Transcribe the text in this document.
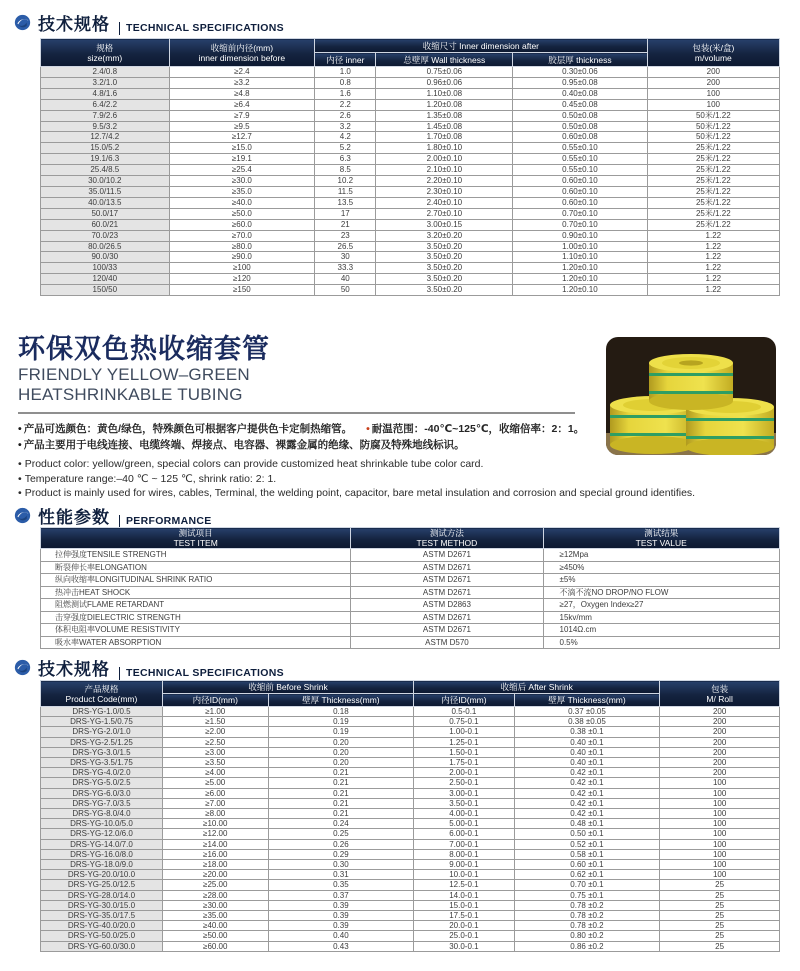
技术规格	TECHNICAL SPECIFICATIONS
规格
size(mm)	收缩前内径(mm)
inner dimension before	收缩尺寸 Inner dimension after			包装(米/盒)
m/volume

		内径 inner	总壁厚 Wall thickness	胶层厚 thickness	
2.4/0.8	≥2.4	1.0	0.75±0.06	0.30±0.06	200
3.2/1.0	≥3.2	0.8	0.96±0.06	0.95±0.08	200
4.8/1.6	≥4.8	1.6	1.10±0.08	0.40±0.08	100
6.4/2.2	≥6.4	2.2	1.20±0.08	0.45±0.08	100
7.9/2.6	≥7.9	2.6	1.35±0.08	0.50±0.08	50米/1.22
9.5/3.2	≥9.5	3.2	1.45±0.08	0.50±0.08	50米/1.22
12.7/4.2	≥12.7	4.2	1.70±0.08	0.60±0.08	50米/1.22
15.0/5.2	≥15.0	5.2	1.80±0.10	0.55±0.10	25米/1.22
19.1/6.3	≥19.1	6.3	2.00±0.10	0.55±0.10	25米/1.22
25.4/8.5	≥25.4	8.5	2.10±0.10	0.55±0.10	25米/1.22
30.0/10.2	≥30.0	10.2	2.20±0.10	0.60±0.10	25米/1.22
35.0/11.5	≥35.0	11.5	2.30±0.10	0.60±0.10	25米/1.22
40.0/13.5	≥40.0	13.5	2.40±0.10	0.60±0.10	25米/1.22
50.0/17	≥50.0	17	2.70±0.10	0.70±0.10	25米/1.22
60.0/21	≥60.0	21	3.00±0.15	0.70±0.10	25米/1.22
70.0/23	≥70.0	23	3.20±0.20	0.90±0.10	1.22
80.0/26.5	≥80.0	26.5	3.50±0.20	1.00±0.10	1.22
90.0/30	≥90.0	30	3.50±0.20	1.10±0.10	1.22
100/33	≥100	33.3	3.50±0.20	1.20±0.10	1.22
120/40	≥120	40	3.50±0.20	1.20±0.10	1.22
150/50	≥150	50	3.50±0.20	1.20±0.10	1.22
环保双色热收缩套管
FRIENDLY YELLOW–GREEN
HEATSHRINKABLE TUBING
• 产品可选颜色：黄色/绿色，特殊颜色可根据客户提供色卡定制热缩管。 • 耐温范围：-40℃~125℃，收缩倍率：2：1。
• 产品主要用于电线连接、电缆终端、焊接点、电容器、裸露金属的绝缘、防腐及特殊地线标识。
• Product color: yellow/green, special colors can provide customized heat shrinkable tube color card.
• Temperature range:–40 ℃ ~ 125 ℃, shrink ratio: 2: 1.
• Product is mainly used for wires, cables, Terminal, the welding point, capacitor, bare metal insulation and corrosion and special ground identifies.
性能参数	PERFORMANCE
测试项目
TEST ITEM	测试方法
TEST METHOD	测试结果
TEST VALUE

拉伸强度TENSILE STRENGTH	ASTM D2671	≥12Mpa
断裂伸长率ELONGATION	ASTM D2671	≥450%
纵向收缩率LONGITUDINAL SHRINK RATIO	ASTM D2671	±5%
热冲击HEAT SHOCK	ASTM D2671	不滴不流NO DROP/NO FLOW
阻燃测试FLAME RETARDANT	ASTM D2863	≥27，Oxygen Index≥27
击穿强度DIELECTRIC STRENGTH	ASTM D2671	15kv/mm
体积电阻率VOLUME RESISTIVITY	ASTM D2671	1014Ω.cm
吸水率WATER ABSORPTION	ASTM D570	0.5%
技术规格	TECHNICAL SPECIFICATIONS
产品规格
Product Code(mm)	收缩前 Before Shrink		收缩后 After Shrink		包装
M/ Roll

	内径ID(mm)	壁厚 Thickness(mm)	内径ID(mm)	壁厚 Thickness(mm)	
DRS-YG-1.0/0.5	≥1.00	0.18	0.5-0.1	0.37 ±0.05	200
DRS-YG-1.5/0.75	≥1.50	0.19	0.75-0.1	0.38 ±0.05	200
DRS-YG-2.0/1.0	≥2.00	0.19	1.00-0.1	0.38 ±0.1	200
DRS-YG-2.5/1.25	≥2.50	0.20	1.25-0.1	0.40 ±0.1	200
DRS-YG-3.0/1.5	≥3.00	0.20	1.50-0.1	0.40 ±0.1	200
DRS-YG-3.5/1.75	≥3.50	0.20	1.75-0.1	0.40 ±0.1	200
DRS-YG-4.0/2.0	≥4.00	0.21	2.00-0.1	0.42 ±0.1	200
DRS-YG-5.0/2.5	≥5.00	0.21	2.50-0.1	0.42 ±0.1	100
DRS-YG-6.0/3.0	≥6.00	0.21	3.00-0.1	0.42 ±0.1	100
DRS-YG-7.0/3.5	≥7.00	0.21	3.50-0.1	0.42 ±0.1	100
DRS-YG-8.0/4.0	≥8.00	0.21	4.00-0.1	0.42 ±0.1	100
DRS-YG-10.0/5.0	≥10.00	0.24	5.00-0.1	0.48 ±0.1	100
DRS-YG-12.0/6.0	≥12.00	0.25	6.00-0.1	0.50 ±0.1	100
DRS-YG-14.0/7.0	≥14.00	0.26	7.00-0.1	0.52 ±0.1	100
DRS-YG-16.0/8.0	≥16.00	0.29	8.00-0.1	0.58 ±0.1	100
DRS-YG-18.0/9.0	≥18.00	0.30	9.00-0.1	0.60 ±0.1	100
DRS-YG-20.0/10.0	≥20.00	0.31	10.0-0.1	0.62 ±0.1	100
DRS-YG-25.0/12.5	≥25.00	0.35	12.5-0.1	0.70 ±0.1	25
DRS-YG-28.0/14.0	≥28.00	0.37	14.0-0.1	0.75 ±0.1	25
DRS-YG-30.0/15.0	≥30.00	0.39	15.0-0.1	0.78 ±0.2	25
DRS-YG-35.0/17.5	≥35.00	0.39	17.5-0.1	0.78 ±0.2	25
DRS-YG-40.0/20.0	≥40.00	0.39	20.0-0.1	0.78 ±0.2	25
DRS-YG-50.0/25.0	≥50.00	0.40	25.0-0.1	0.80 ±0.2	25
DRS-YG-60.0/30.0	≥60.00	0.43	30.0-0.1	0.86 ±0.2	25
